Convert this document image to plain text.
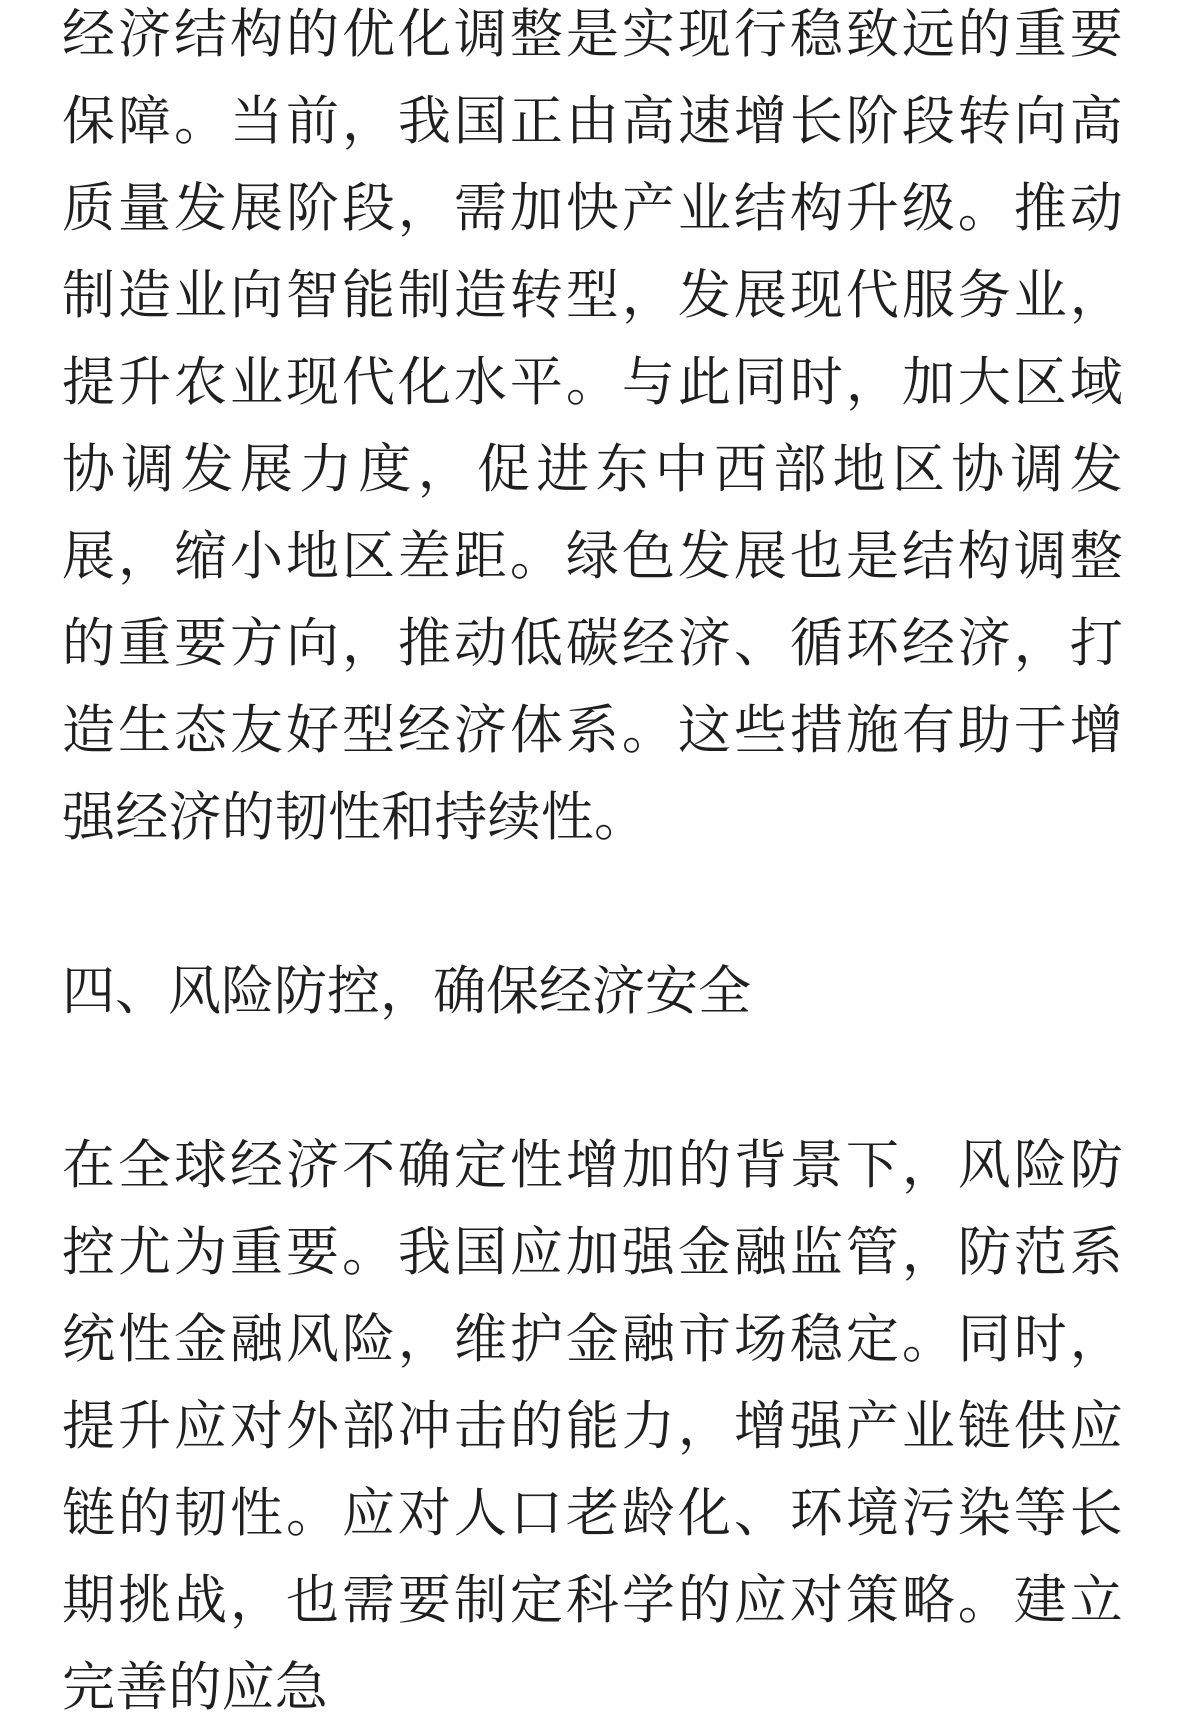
经济结构的优化调整是实现行稳致远的重要保障。当前，我国正由高速增长阶段转向高质量发展阶段，需加快产业结构升级。推动制造业向智能制造转型，发展现代服务业，提升农业现代化水平。与此同时，加大区域协调发展力度，促进东中西部地区协调发展，缩小地区差距。绿色发展也是结构调整的重要方向，推动低碳经济、循环经济，打造生态友好型经济体系。这些措施有助于增强经济的韧性和持续性。

四、风险防控，确保经济安全

在全球经济不确定性增加的背景下，风险防控尤为重要。我国应加强金融监管，防范系统性金融风险，维护金融市场稳定。同时，提升应对外部冲击的能力，增强产业链供应链的韧性。应对人口老龄化、环境污染等长期挑战，也需要制定科学的应对策略。建立完善的应急
